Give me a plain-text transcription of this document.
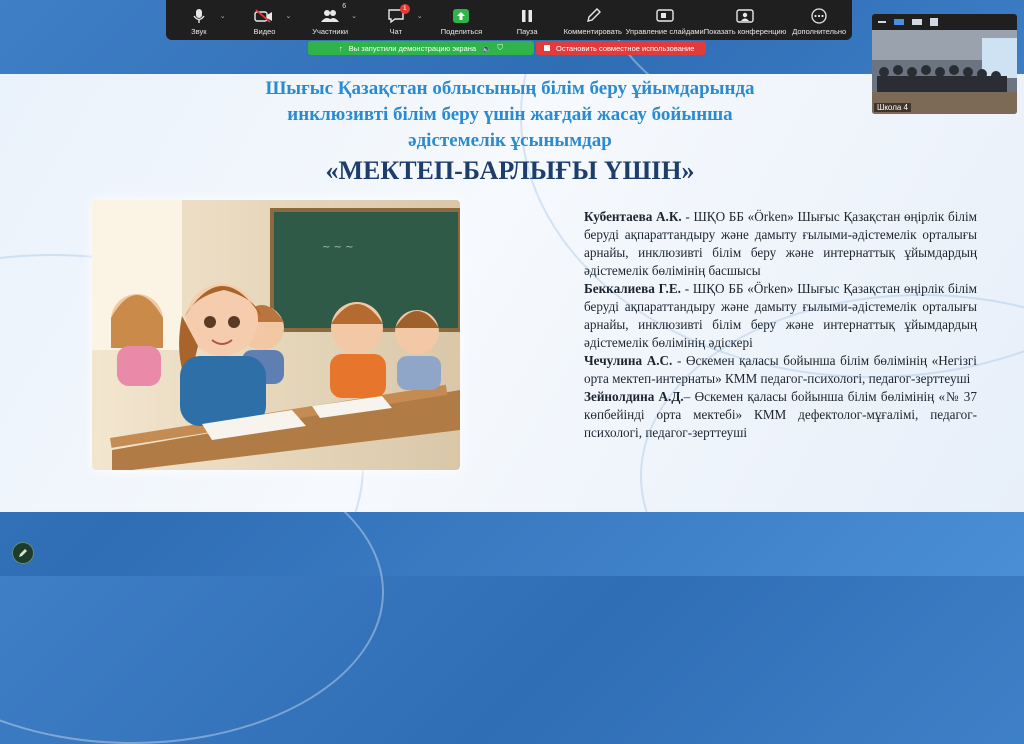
Шығыс Қазақстан облысының білім беру ұйымдарында
инклюзивті білім беру үшін жағдай жасау бойынша
әдістемелік ұсынымдар
«МЕКТЕП-БАРЛЫҒЫ ҮШІН»
~ ~ ~

Кубентаева А.К. - ШҚО ББ «Örken» Шығыс Қазақстан өңірлік білім беруді ақпараттандыру және дамыту ғылыми-әдістемелік орталығы арнайы, инклюзивті білім беру және интернаттық ұйымдардың әдістемелік бөлімінің басшысы

Беккалиева Г.Е. - ШҚО ББ «Örken» Шығыс Қазақстан өңірлік білім беруді ақпараттандыру және дамыту ғылыми-әдістемелік орталығы арнайы, инклюзивті білім беру және интернаттық ұйымдардың әдістемелік бөлімінің әдіскері

Чечулина А.С. - Өскемен қаласы бойынша білім бөлімінің «Негізгі орта мектеп-интернаты» КММ педагог-психологі, педагог-зерттеуші

Зейнолдина А.Д.– Өскемен қаласы бойынша білім бөлімінің «№ 37 көпбейінді орта мектебі» КММ дефектолог-мұғалімі, педагог-психологі, педагог-зерттеуші

Звук
⌄
Видео
⌄
6
Участники
⌄
1
Чат
⌄
Поделиться	Пауза	Комментировать Управление слайдами Показать конференцию Дополнительно
↑ Вы запустили демонстрацию экрана 🔈 ⛉	Остановить совместное использование
Школа 4
